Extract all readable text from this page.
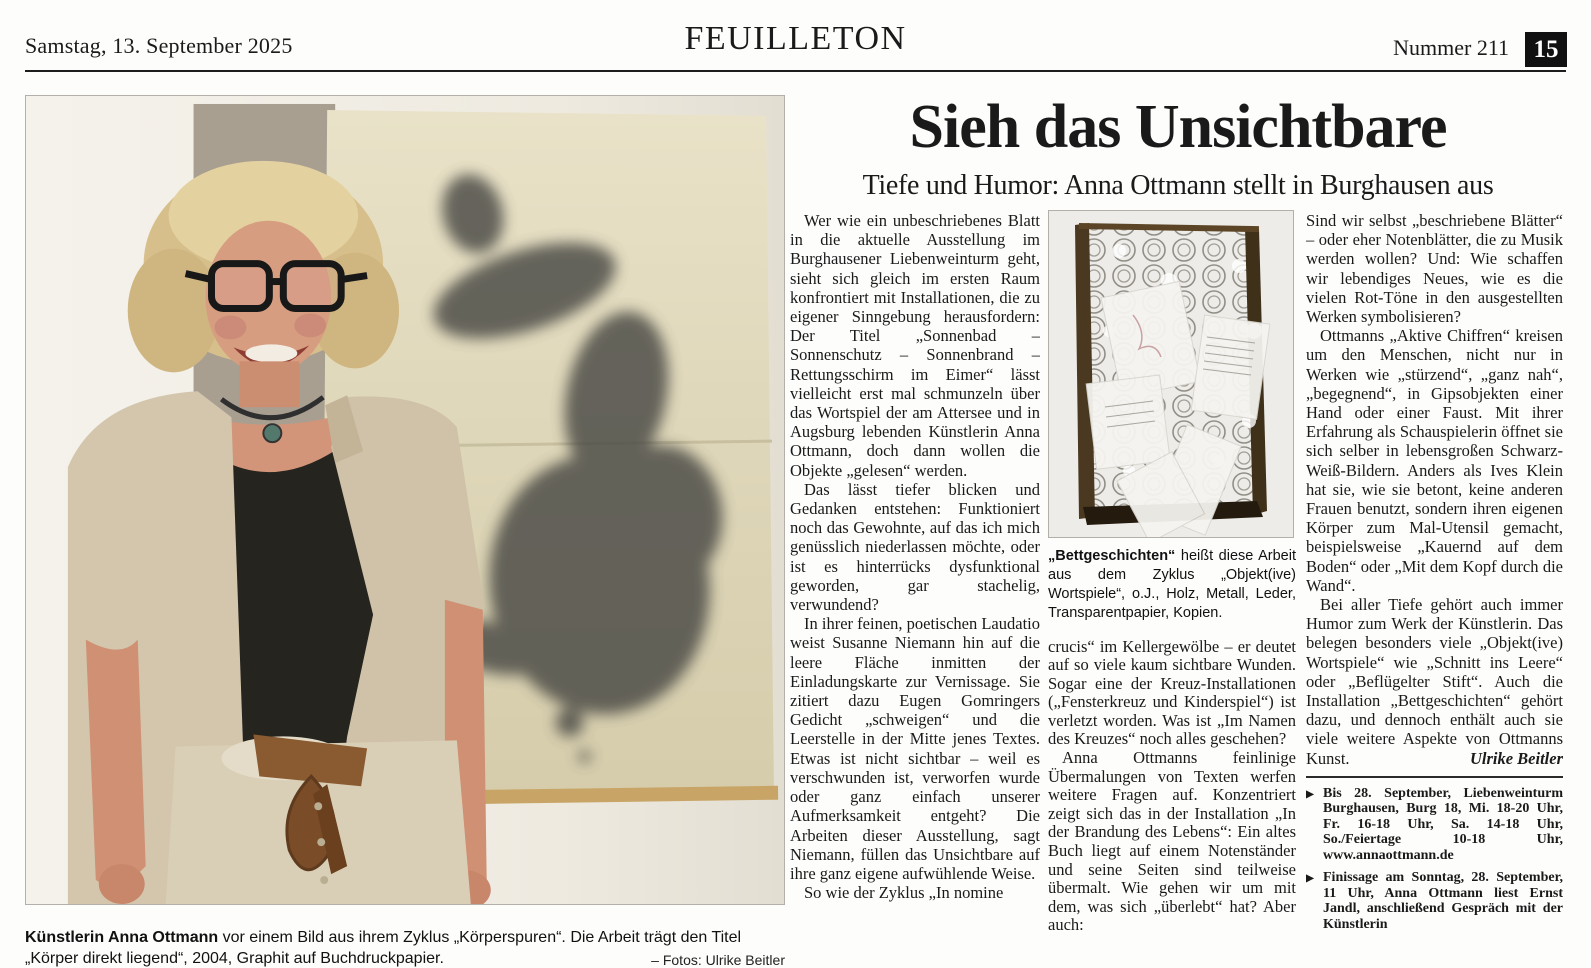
Samstag, 13. September 2025	FEUILLETON	Nummer 211 15

Künstlerin Anna Ottmann vor einem Bild aus ihrem Zyklus „Körperspuren“. Die Arbeit trägt den Titel „Körper direkt liegend“, 2004, Graphit auf Buchdruckpapier.	– Fotos: Ulrike Beitler

Sieh das Unsichtbare
Tiefe und Humor: Anna Ottmann stellt in Burghausen aus

Wer wie ein unbeschriebenes Blatt in die aktuelle Ausstellung im Burghausener Liebenweinturm geht, sieht sich gleich im ersten Raum konfrontiert mit Installationen, die zu eigener Sinngebung herausfordern: Der Titel „Sonnenbad – Sonnenschutz – Sonnenbrand – Rettungsschirm im Eimer“ lässt vielleicht erst mal schmunzeln über das Wortspiel der am Attersee und in Augsburg lebenden Künstlerin Anna Ottmann, doch dann wollen die Objekte „gelesen“ werden.

Das lässt tiefer blicken und Gedanken entstehen: Funktioniert noch das Gewohnte, auf das ich mich genüsslich niederlassen möchte, oder ist es hinterrücks dysfunktional geworden, gar stachelig, verwundend?

In ihrer feinen, poetischen Laudatio weist Susanne Niemann hin auf die leere Fläche inmitten der Einladungskarte zur Vernissage. Sie zitiert dazu Eugen Gomringers Gedicht „schweigen“ und die Leerstelle in der Mitte jenes Textes. Etwas ist nicht sichtbar – weil es verschwunden ist, verworfen wurde oder ganz einfach unserer Aufmerksamkeit entgeht? Die Arbeiten dieser Ausstellung, sagt Niemann, füllen das Unsichtbare auf ihre ganz eigene aufwühlende Weise.

So wie der Zyklus „In nomine

„Bettgeschichten“ heißt diese Arbeit aus dem Zyklus „Objekt(ive) Wortspiele“, o.J., Holz, Metall, Leder, Transparentpapier, Kopien.

crucis“ im Kellergewölbe – er deutet auf so viele kaum sichtbare Wunden. Sogar eine der Kreuz-Installationen („Fensterkreuz und Kinderspiel“) ist verletzt worden. Was ist „Im Namen des Kreuzes“ noch alles geschehen?

Anna Ottmanns feinlinige Übermalungen von Texten werfen weitere Fragen auf. Konzentriert zeigt sich das in der Installation „In der Brandung des Lebens“: Ein altes Buch liegt auf einem Notenständer und seine Seiten sind teilweise übermalt. Wie gehen wir um mit dem, was sich „überlebt“ hat? Aber auch:

Sind wir selbst „beschriebene Blätter“ – oder eher Notenblätter, die zu Musik werden wollen? Und: Wie schaffen wir lebendiges Neues, wie es die vielen Rot-Töne in den ausgestellten Werken symbolisieren?

Ottmanns „Aktive Chiffren“ kreisen um den Menschen, nicht nur in Werken wie „stürzend“, „ganz nah“, „begegnend“, in Gipsobjekten einer Hand oder einer Faust. Mit ihrer Erfahrung als Schauspielerin öffnet sie sich selber in lebensgroßen Schwarz-Weiß-Bildern. Anders als Ives Klein hat sie, wie sie betont, keine anderen Frauen benutzt, sondern ihren eigenen Körper zum Mal-Utensil gemacht, beispielsweise „Kauernd auf dem Boden“ oder „Mit dem Kopf durch die Wand“.

Bei aller Tiefe gehört auch immer Humor zum Werk der Künstlerin. Das belegen besonders viele „Objekt(ive) Wortspiele“ wie „Schnitt ins Leere“ oder „Beflügelter Stift“. Auch die Installation „Bettgeschichten“ gehört dazu, und dennoch enthält auch sie viele weitere Aspekte von Ottmanns Kunst.	Ulrike Beitler

▶ Bis 28. September, Liebenweinturm Burghausen, Burg 18, Mi. 18-20 Uhr, Fr. 16-18 Uhr, Sa. 14-18 Uhr, So./Feiertage 10-18 Uhr, www.annaottmann.de
▶ Finissage am Sonntag, 28. September, 11 Uhr, Anna Ottmann liest Ernst Jandl, anschließend Gespräch mit der Künstlerin
